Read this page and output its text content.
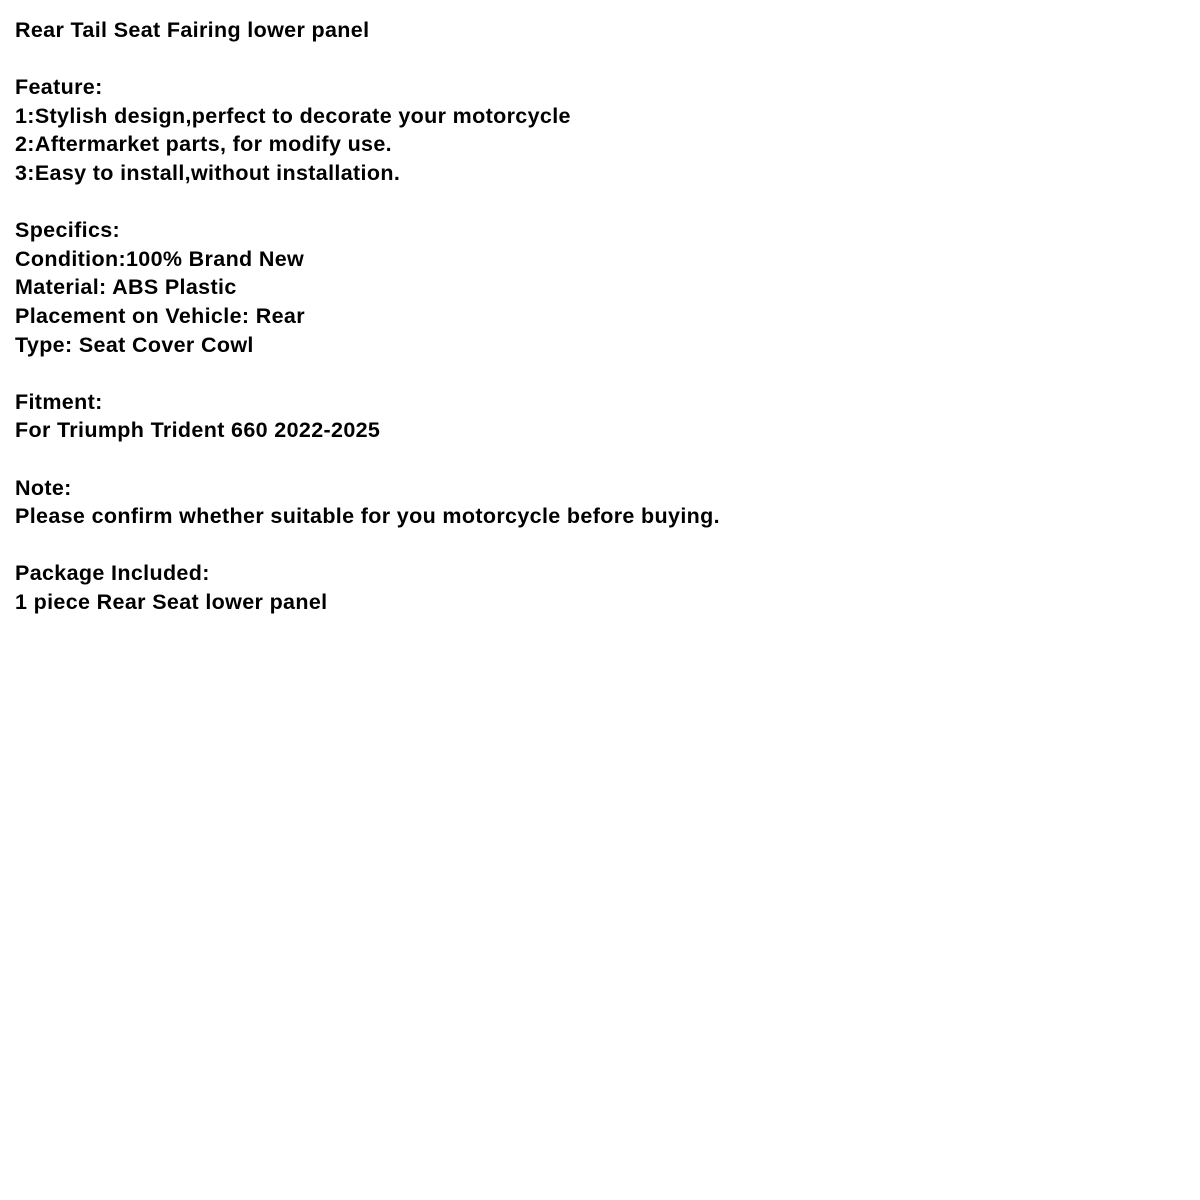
Rear Tail Seat Fairing lower panel
Feature:
1:Stylish design,perfect to decorate your motorcycle
2:Aftermarket parts, for modify use.
3:Easy to install,without installation.
Specifics:
Condition:100% Brand New
Material: ABS Plastic
Placement on Vehicle: Rear
Type: Seat Cover Cowl
Fitment:
For Triumph Trident 660 2022-2025
Note:
Please confirm whether suitable for you motorcycle before buying.
Package Included:
1 piece Rear Seat lower panel
